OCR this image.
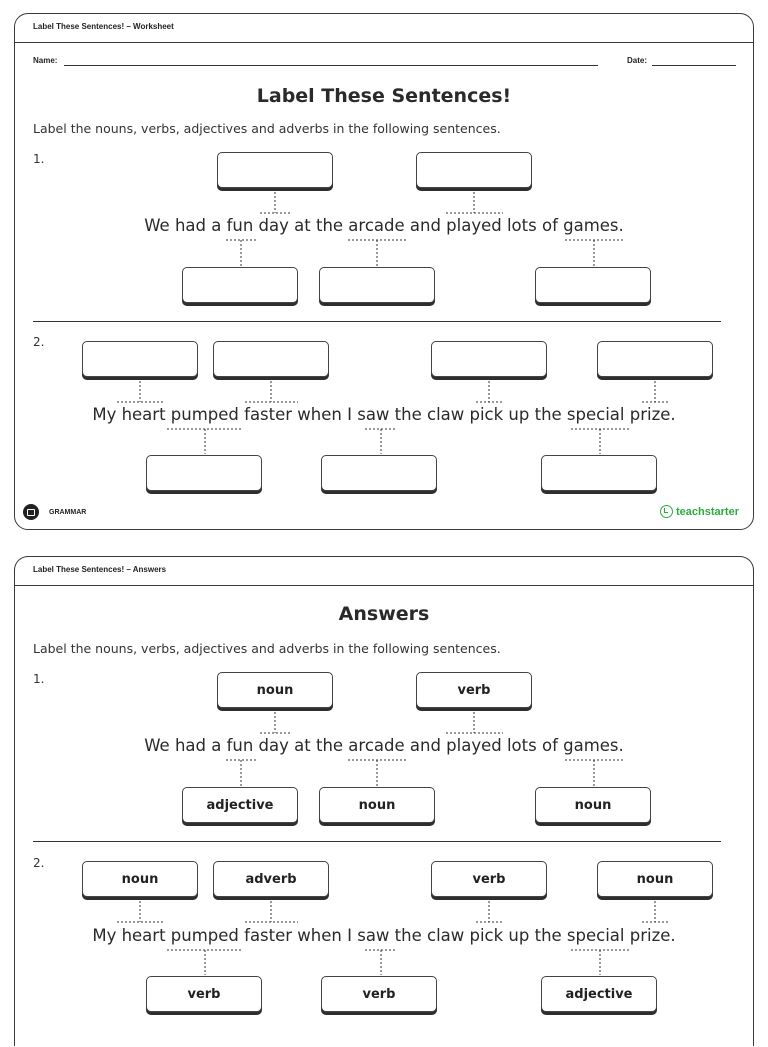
Label These Sentences! – Worksheet
Name:	Date:
Label These Sentences!
Label the nouns, verbs, adjectives and adverbs in the following sentences.
1.
We had a fun day at the arcade and played lots of games.
2.
My heart pumped faster when I saw the claw pick up the special prize.
GRAMMAR	teachstarter
Label These Sentences! – Answers
Answers
Label the nouns, verbs, adjectives and adverbs in the following sentences.
1.
noun	verb
We had a fun day at the arcade and played lots of games.
adjective	noun	noun
2.
noun	adverb	verb	noun
My heart pumped faster when I saw the claw pick up the special prize.
verb	verb	adjective
